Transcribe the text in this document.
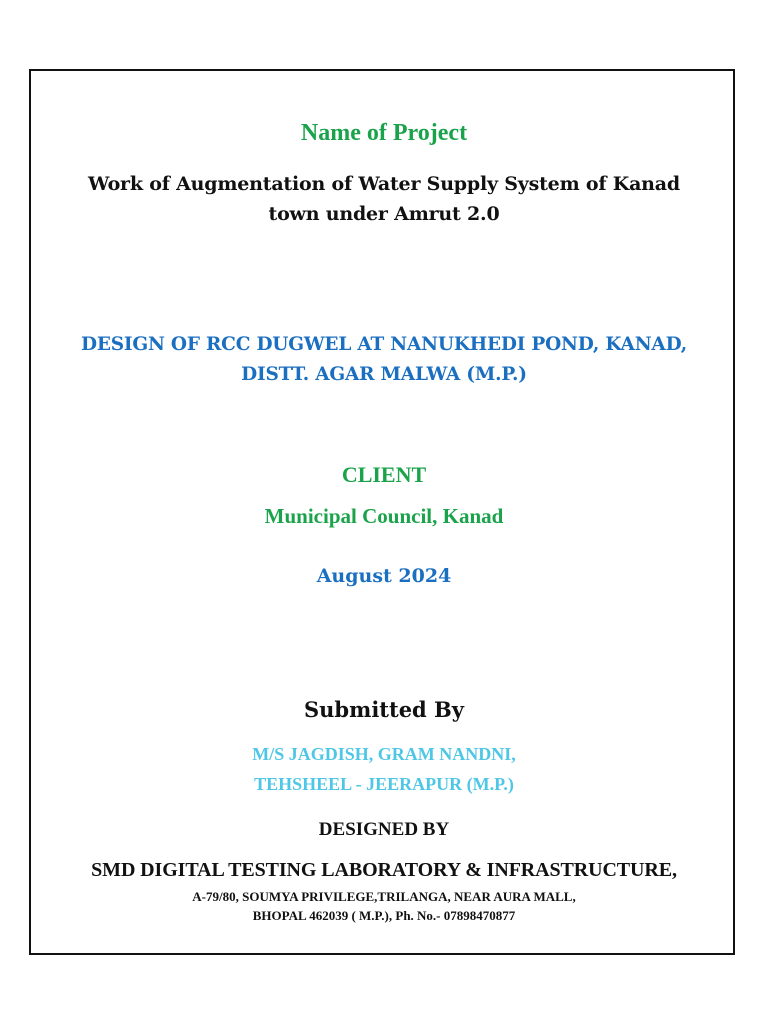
Name of Project
Work of Augmentation of Water Supply System of Kanad
town under Amrut 2.0
DESIGN OF RCC DUGWEL AT NANUKHEDI POND, KANAD,
DISTT. AGAR MALWA (M.P.)
CLIENT
Municipal Council, Kanad
August 2024
Submitted By
M/S JAGDISH, GRAM NANDNI,
TEHSHEEL - JEERAPUR (M.P.)
DESIGNED BY
SMD DIGITAL TESTING LABORATORY & INFRASTRUCTURE,
A-79/80, SOUMYA PRIVILEGE,TRILANGA, NEAR AURA MALL,
BHOPAL 462039 ( M.P.), Ph. No.- 07898470877
